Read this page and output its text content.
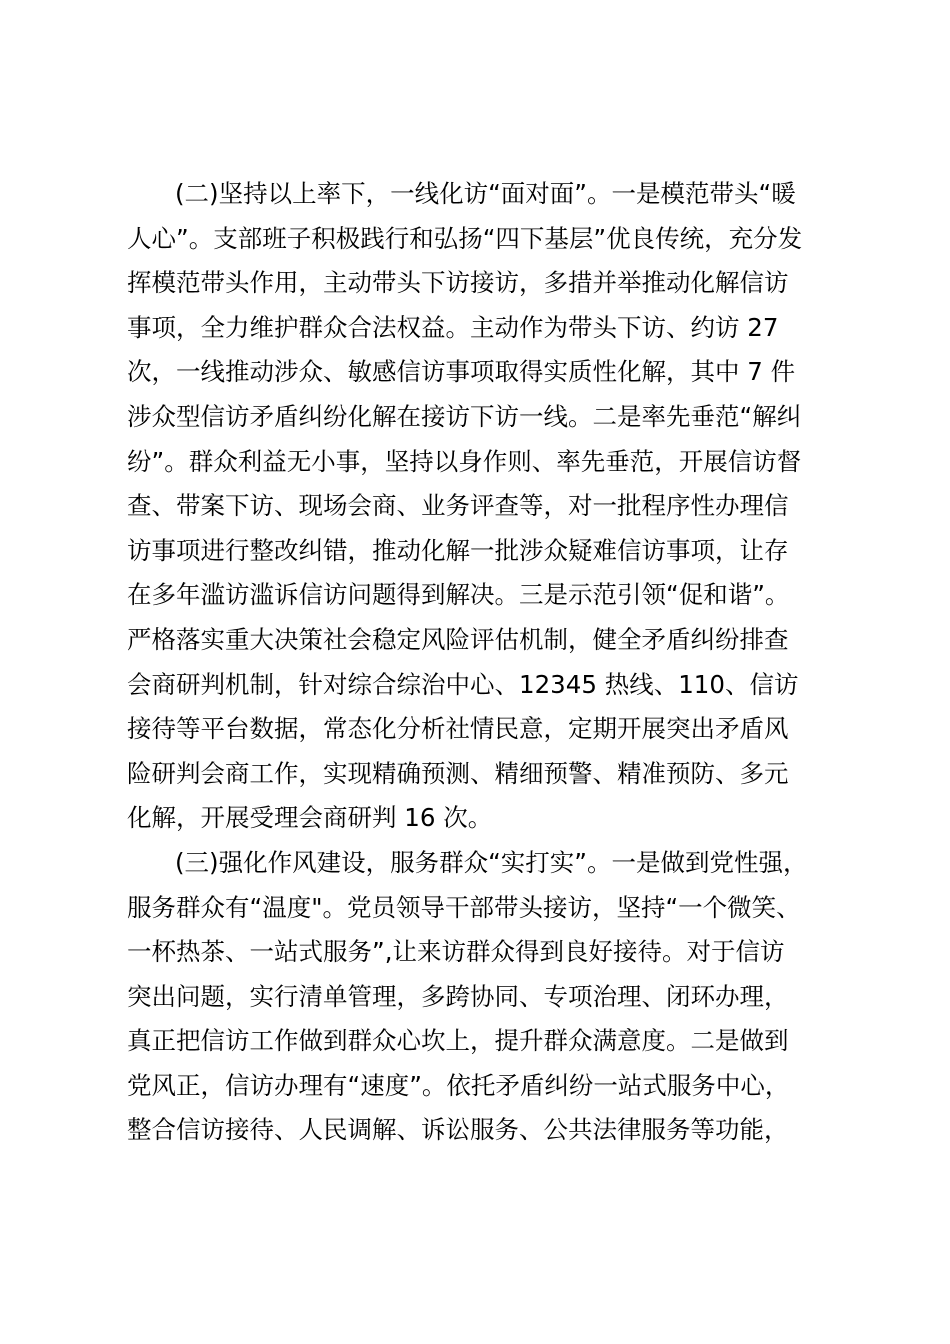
(二)坚持以上率下，一线化访“面对面”。一是模范带头“暖
人心”。支部班子积极践行和弘扬“四下基层”优良传统，充分发
挥模范带头作用，主动带头下访接访，多措并举推动化解信访
事项，全力维护群众合法权益。主动作为带头下访、约访 27
次，一线推动涉众、敏感信访事项取得实质性化解，其中 7 件
涉众型信访矛盾纠纷化解在接访下访一线。二是率先垂范“解纠
纷”。群众利益无小事，坚持以身作则、率先垂范，开展信访督
查、带案下访、现场会商、业务评查等，对一批程序性办理信
访事项进行整改纠错，推动化解一批涉众疑难信访事项，让存
在多年滥访滥诉信访问题得到解决。三是示范引领“促和谐”。
严格落实重大决策社会稳定风险评估机制，健全矛盾纠纷排查
会商研判机制，针对综合综治中心、12345 热线、110、信访
接待等平台数据，常态化分析社情民意，定期开展突出矛盾风
险研判会商工作，实现精确预测、精细预警、精准预防、多元
化解，开展受理会商研判 16 次。
(三)强化作风建设，服务群众“实打实”。一是做到党性强，
服务群众有“温度"。党员领导干部带头接访，坚持“一个微笑、
一杯热茶、一站式服务”,让来访群众得到良好接待。对于信访
突出问题，实行清单管理，多跨协同、专项治理、闭环办理，
真正把信访工作做到群众心坎上，提升群众满意度。二是做到
党风正，信访办理有“速度”。依托矛盾纠纷一站式服务中心，
整合信访接待、人民调解、诉讼服务、公共法律服务等功能，
